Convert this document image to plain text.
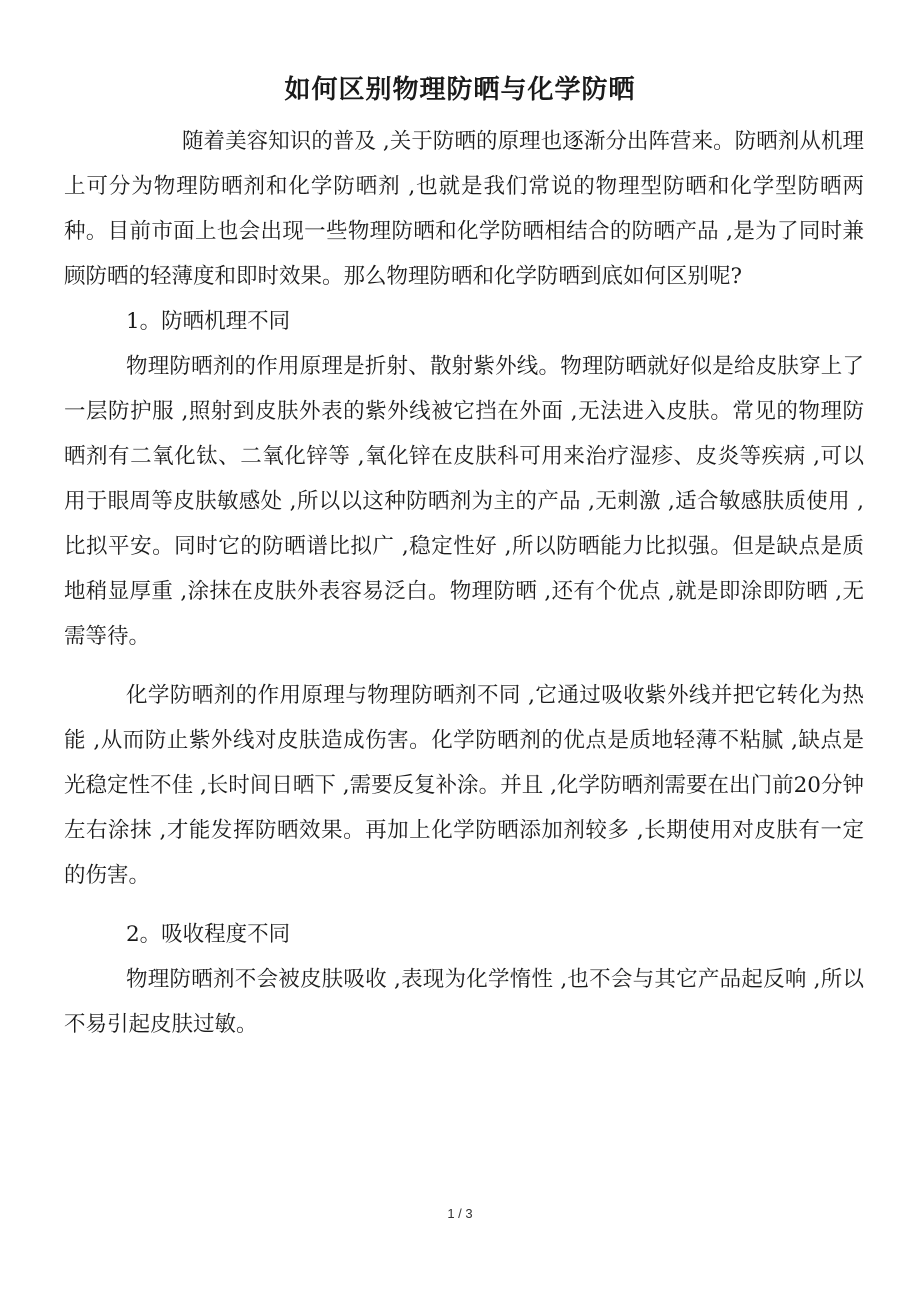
如何区别物理防晒与化学防晒

随着美容知识的普及 ,关于防晒的原理也逐渐分出阵营来。防晒剂从机理上可分为物理防晒剂和化学防晒剂 ,也就是我们常说的物理型防晒和化学型防晒两种。目前市面上也会出现一些物理防晒和化学防晒相结合的防晒产品 ,是为了同时兼顾防晒的轻薄度和即时效果。那么物理防晒和化学防晒到底如何区别呢?

1。防晒机理不同

物理防晒剂的作用原理是折射、散射紫外线。物理防晒就好似是给皮肤穿上了一层防护服 ,照射到皮肤外表的紫外线被它挡在外面 ,无法进入皮肤。常见的物理防晒剂有二氧化钛、二氧化锌等 ,氧化锌在皮肤科可用来治疗湿疹、皮炎等疾病 ,可以用于眼周等皮肤敏感处 ,所以以这种防晒剂为主的产品 ,无刺激 ,适合敏感肤质使用 ,比拟平安。同时它的防晒谱比拟广 ,稳定性好 ,所以防晒能力比拟强。但是缺点是质地稍显厚重 ,涂抹在皮肤外表容易泛白。物理防晒 ,还有个优点 ,就是即涂即防晒 ,无需等待。

化学防晒剂的作用原理与物理防晒剂不同 ,它通过吸收紫外线并把它转化为热能 ,从而防止紫外线对皮肤造成伤害。化学防晒剂的优点是质地轻薄不粘腻 ,缺点是光稳定性不佳 ,长时间日晒下 ,需要反复补涂。并且 ,化学防晒剂需要在出门前20分钟左右涂抹 ,才能发挥防晒效果。再加上化学防晒添加剂较多 ,长期使用对皮肤有一定的伤害。

2。吸收程度不同

物理防晒剂不会被皮肤吸收 ,表现为化学惰性 ,也不会与其它产品起反响 ,所以不易引起皮肤过敏。

1 / 3
